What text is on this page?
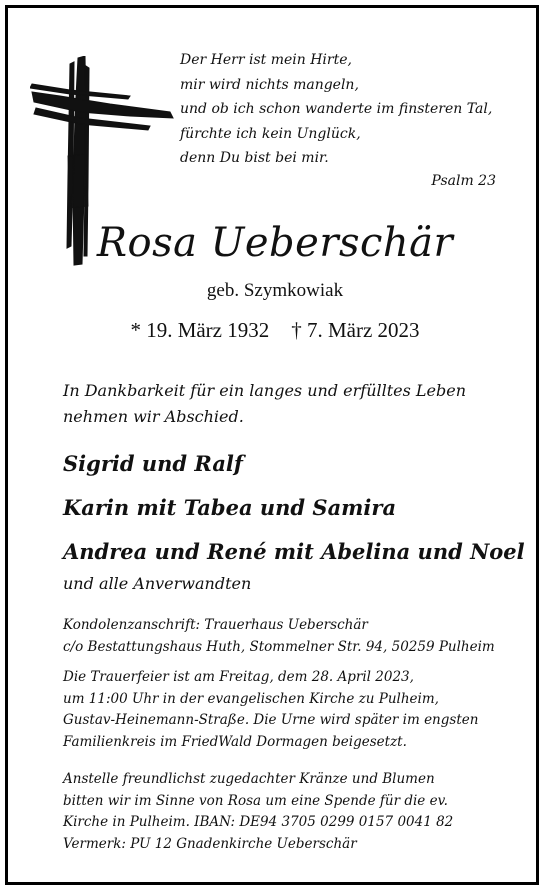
Der Herr ist mein Hirte,
mir wird nichts mangeln,
und ob ich schon wanderte im finsteren Tal,
fürchte ich kein Unglück,
denn Du bist bei mir.
Psalm 23
Rosa Ueberschär
geb. Szymkowiak
* 19. März 1932 † 7. März 2023
In Dankbarkeit für ein langes und erfülltes Leben
nehmen wir Abschied.
Sigrid und Ralf
Karin mit Tabea und Samira
Andrea und René mit Abelina und Noel
und alle Anverwandten
Kondolenzanschrift: Trauerhaus Ueberschär
c/o Bestattungshaus Huth, Stommelner Str. 94, 50259 Pulheim
Die Trauerfeier ist am Freitag, dem 28. April 2023,
um 11:00 Uhr in der evangelischen Kirche zu Pulheim,
Gustav-Heinemann-Straße. Die Urne wird später im engsten
Familienkreis im FriedWald Dormagen beigesetzt.
Anstelle freundlichst zugedachter Kränze und Blumen
bitten wir im Sinne von Rosa um eine Spende für die ev.
Kirche in Pulheim. IBAN: DE94 3705 0299 0157 0041 82
Vermerk: PU 12 Gnadenkirche Ueberschär
